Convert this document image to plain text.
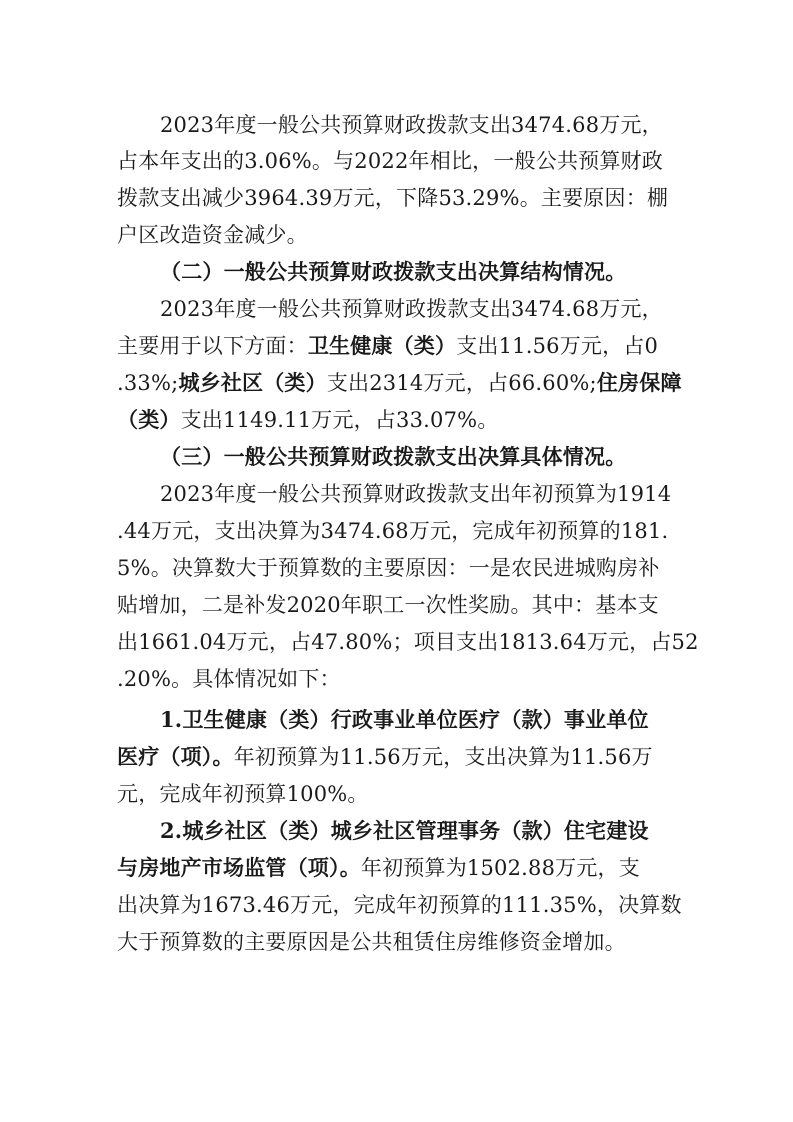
2023年度一般公共预算财政拨款支出3474.68万元，
占本年支出的3.06%。与2022年相比，一般公共预算财政
拨款支出减少3964.39万元，下降53.29%。主要原因：棚
户区改造资金减少。
（二）一般公共预算财政拨款支出决算结构情况。
2023年度一般公共预算财政拨款支出3474.68万元，
主要用于以下方面：卫生健康（类）支出11.56万元，占0
.33%;城乡社区（类）支出2314万元，占66.60%;住房保障
（类）支出1149.11万元，占33.07%。
（三）一般公共预算财政拨款支出决算具体情况。
2023年度一般公共预算财政拨款支出年初预算为1914
.44万元，支出决算为3474.68万元，完成年初预算的181.
5%。决算数大于预算数的主要原因：一是农民进城购房补
贴增加，二是补发2020年职工一次性奖励。其中：基本支
出1661.04万元，占47.80%；项目支出1813.64万元，占52
.20%。具体情况如下：
1.卫生健康（类）行政事业单位医疗（款）事业单位
医疗（项）。年初预算为11.56万元，支出决算为11.56万
元，完成年初预算100%。
2.城乡社区（类）城乡社区管理事务（款）住宅建设
与房地产市场监管（项）。年初预算为1502.88万元，支
出决算为1673.46万元，完成年初预算的111.35%，决算数
大于预算数的主要原因是公共租赁住房维修资金增加。
